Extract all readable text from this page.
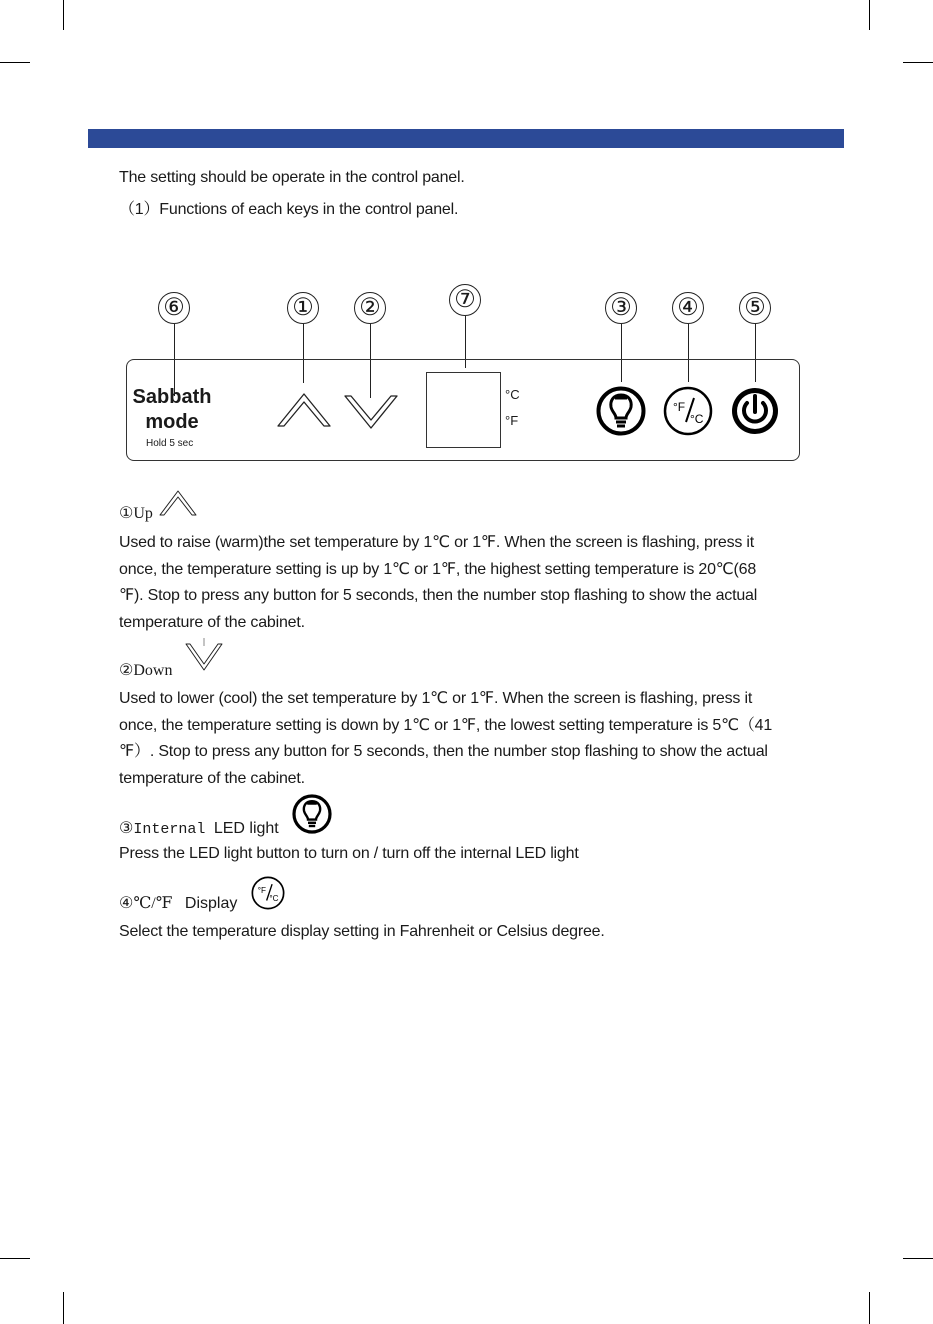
The setting should be operate in the control panel.
（1）Functions of each keys in the control panel.
⑥	① ②	⑦	③ ④ ⑤
Sabbath
mode
Hold 5 sec
°C
°F
°F
°C
①Up
Used to raise (warm)the set temperature by 1℃ or 1℉. When the screen is flashing, press it
once, the temperature setting is up by 1℃ or 1℉, the highest setting temperature is 20℃(68
℉). Stop to press any button for 5 seconds, then the number stop flashing to show the actual
temperature of the cabinet.
②Down
Used to lower (cool) the set temperature by 1℃ or 1℉. When the screen is flashing, press it
once, the temperature setting is down by 1℃ or 1℉, the lowest setting temperature is 5℃（41
℉）. Stop to press any button for 5 seconds, then the number stop flashing to show the actual
temperature of the cabinet.
③Internal LED light
Press the LED light button to turn on / turn off the internal LED light
④℃/℉ Display
°F
°C
Select the temperature display setting in Fahrenheit or Celsius degree.
